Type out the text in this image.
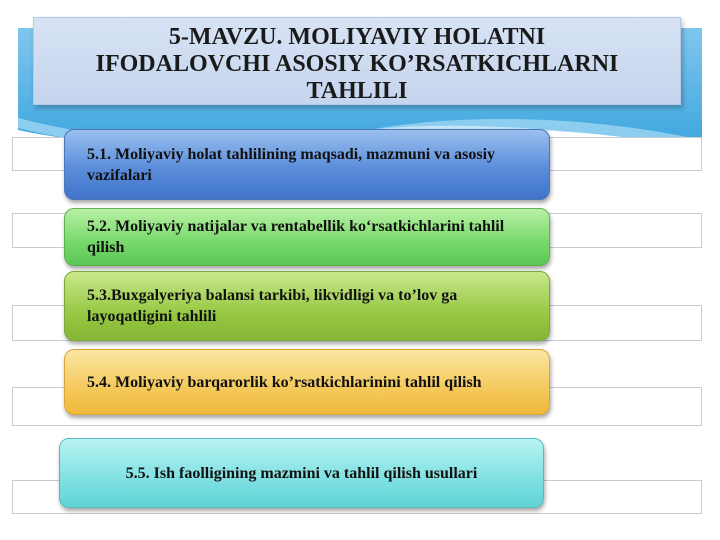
5-MAVZU. MOLIYAVIY HOLATNI
IFODALOVCHI ASOSIY KO’RSATKICHLARNI
TAHLILI
5.1. Moliyaviy holat tahlilining maqsadi, mazmuni va asosiy vazifalari
5.2. Moliyaviy natijalar va rentabellik ko‘rsatkichlarini tahlil qilish
5.3.Buxgalyeriya balansi tarkibi, likvidligi va to’lov ga layoqatligini tahlili
5.4. Moliyaviy barqarorlik ko’rsatkichlarinini tahlil qilish
5.5. Ish faolligining mazmini va tahlil qilish usullari
